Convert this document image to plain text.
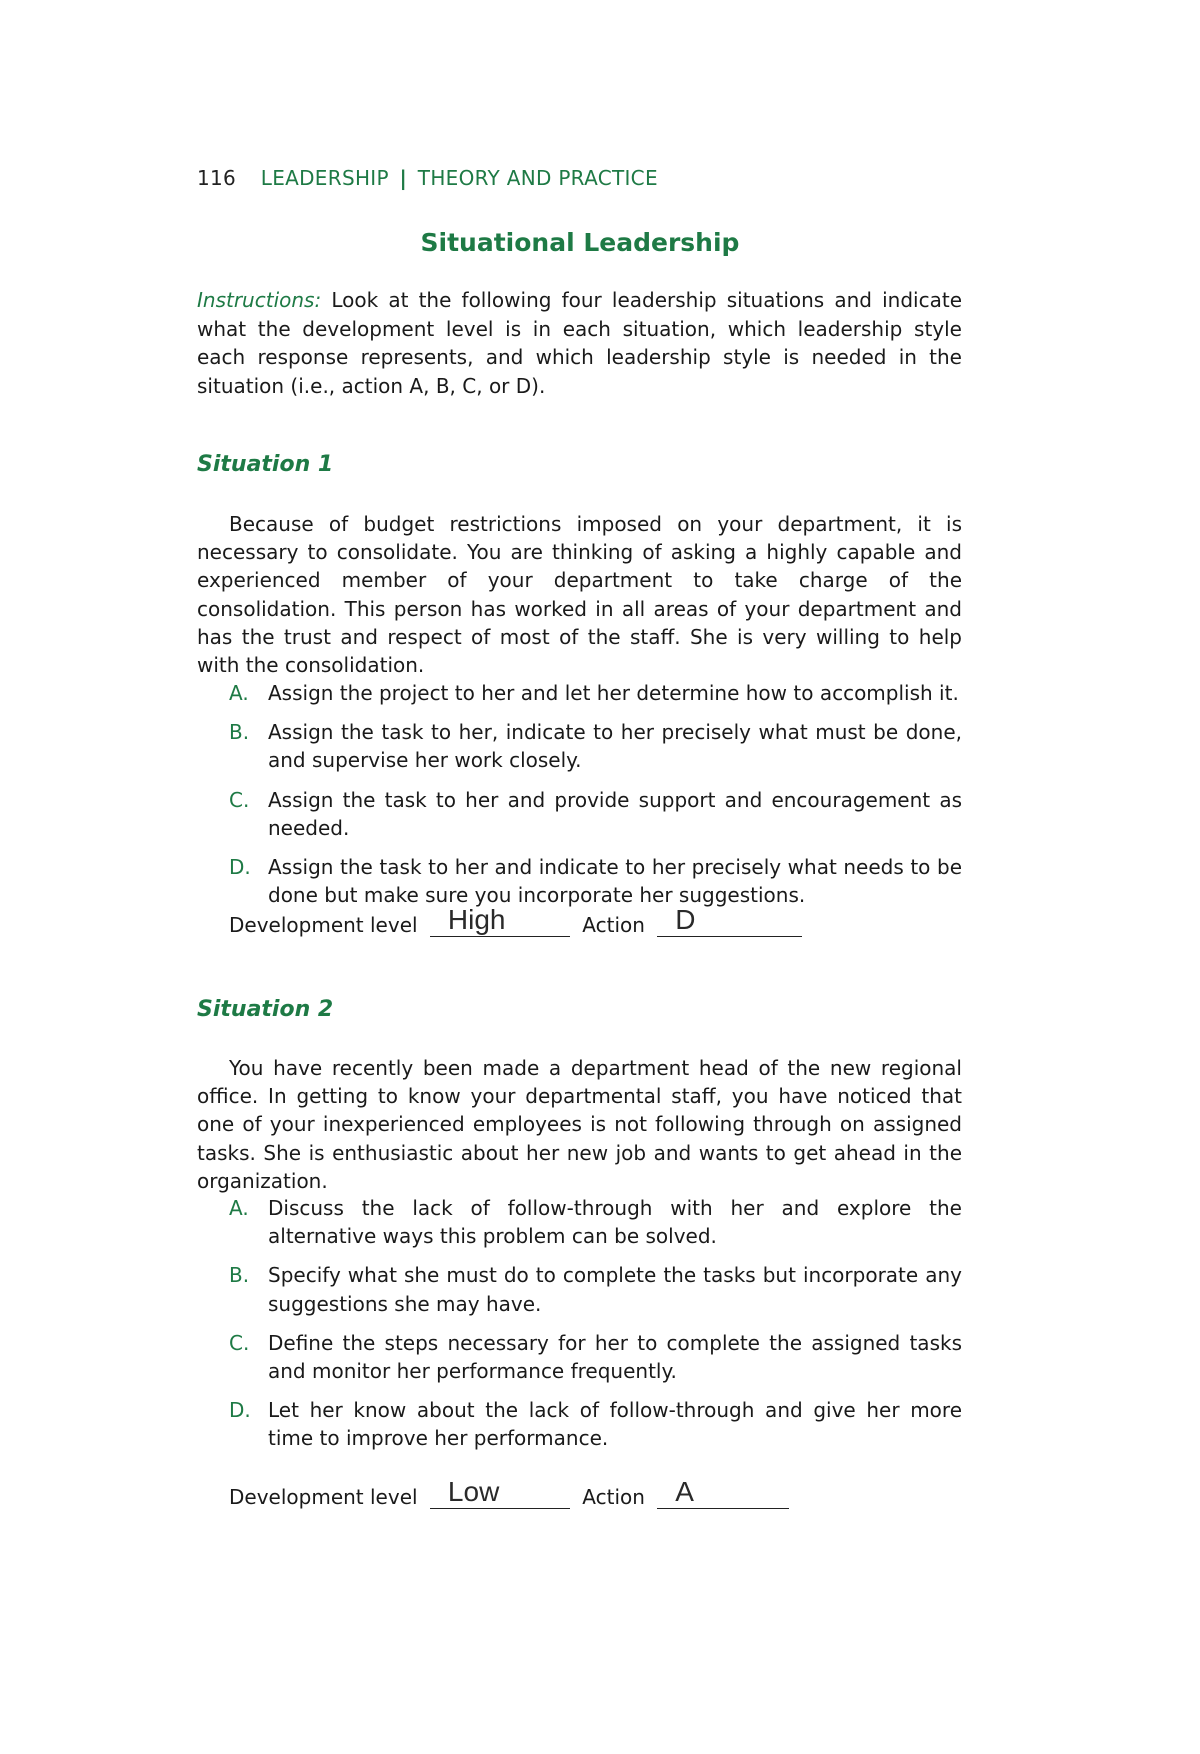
116 LEADERSHIP | THEORY AND PRACTICE
Situational Leadership
Instructions: Look at the following four leadership situations and indicate what the development level is in each situation, which leadership style each response represents, and which leadership style is needed in the situation (i.e., action A, B, C, or D).
Situation 1
Because of budget restrictions imposed on your department, it is necessary to consolidate. You are thinking of asking a highly capable and experienced member of your department to take charge of the consolidation. This person has worked in all areas of your department and has the trust and respect of most of the staff. She is very willing to help with the consolidation.
A. Assign the project to her and let her determine how to accomplish it.
B. Assign the task to her, indicate to her precisely what must be done, and supervise her work closely.
C. Assign the task to her and provide support and encouragement as needed.
D. Assign the task to her and indicate to her precisely what needs to be done but make sure you incorporate her suggestions.
Development level High	Action D
Situation 2
You have recently been made a department head of the new regional office. In getting to know your departmental staff, you have noticed that one of your inexperienced employees is not following through on assigned tasks. She is enthusiastic about her new job and wants to get ahead in the organization.
A. Discuss the lack of follow-through with her and explore the alternative ways this problem can be solved.
B. Specify what she must do to complete the tasks but incorporate any suggestions she may have.
C. Define the steps necessary for her to complete the assigned tasks and monitor her performance frequently.
D. Let her know about the lack of follow-through and give her more time to improve her performance.
Development level Low	Action A
